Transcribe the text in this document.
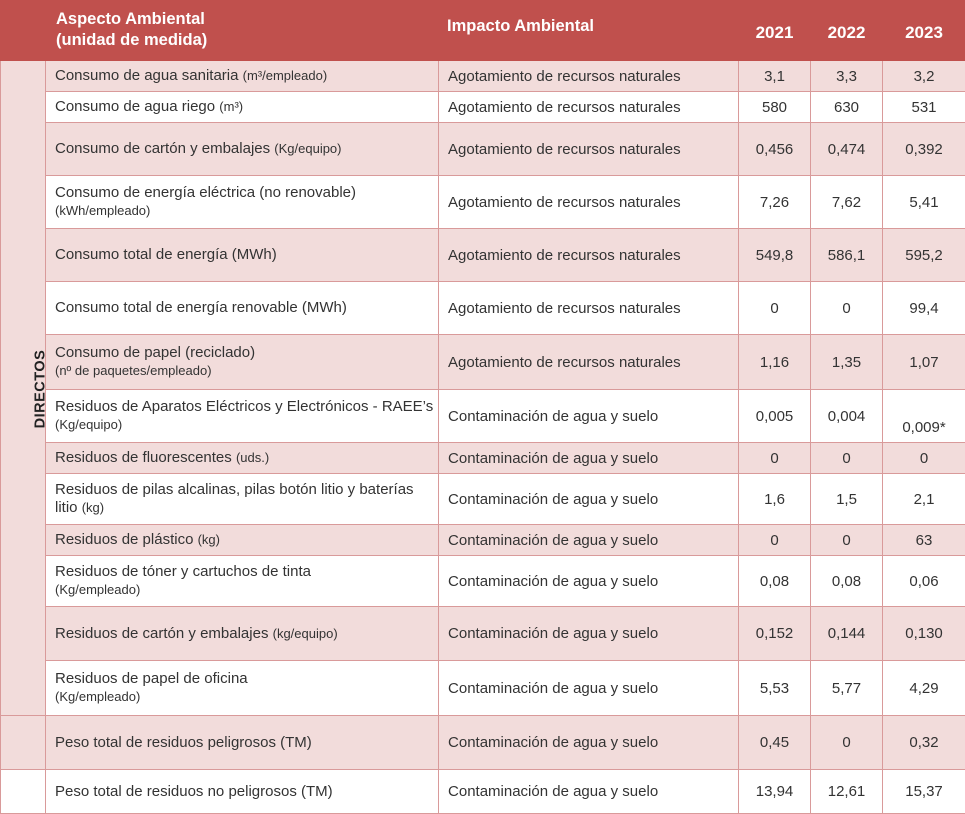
Aspecto Ambiental
(unidad de medida)		Impacto Ambiental	2021	2022	2023
DIRECTOS	Consumo de agua sanitaria (m³/empleado)	Agotamiento de recursos naturales	3,1	3,3	3,2
	Consumo de agua riego (m³)	Agotamiento de recursos naturales	580	630	531
	Consumo de cartón y embalajes (Kg/equipo)	Agotamiento de recursos naturales	0,456	0,474	0,392

	Consumo de energía eléctrica (no renovable)
(kWh/empleado)	Agotamiento de recursos naturales	7,26	7,62	5,41
	Consumo total de energía (MWh)	Agotamiento de recursos naturales	549,8	586,1	595,2
	Consumo total de energía renovable (MWh)	Agotamiento de recursos naturales	0	0	99,4

	Consumo de papel (reciclado)
(nº de paquetes/empleado)	Agotamiento de recursos naturales	1,16	1,35	1,07
	Residuos de Aparatos Eléctricos y Electrónicos - RAEE’s (Kg/equipo)	Contaminación de agua y suelo	0,005	0,004	0,009*
	Residuos de fluorescentes (uds.)	Contaminación de agua y suelo	0	0	0
	Residuos de pilas alcalinas, pilas botón litio y baterías litio (kg)	Contaminación de agua y suelo	1,6	1,5	2,1
	Residuos de plástico (kg)	Contaminación de agua y suelo	0	0	63

	Residuos de tóner y cartuchos de tinta
(Kg/empleado)	Contaminación de agua y suelo	0,08	0,08	0,06
	Residuos de cartón y embalajes (kg/equipo)	Contaminación de agua y suelo	0,152	0,144	0,130

	Residuos de papel de oficina
(Kg/empleado)	Contaminación de agua y suelo	5,53	5,77	4,29
	Peso total de residuos peligrosos (TM)	Contaminación de agua y suelo	0,45	0	0,32
	Peso total de residuos no peligrosos (TM)	Contaminación de agua y suelo	13,94	12,61	15,37
